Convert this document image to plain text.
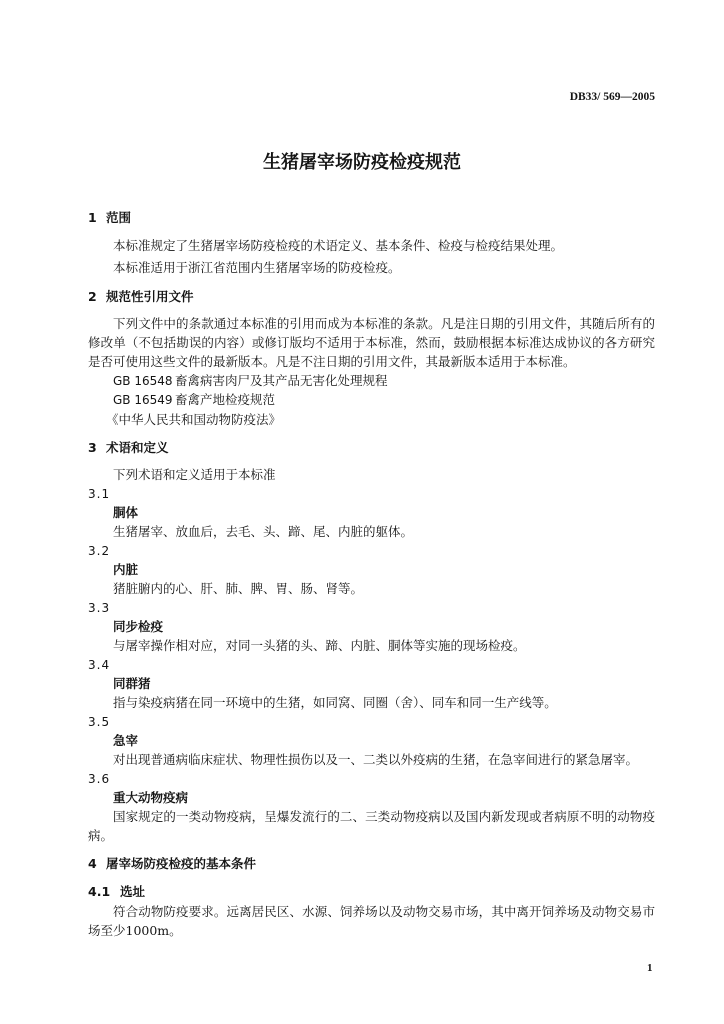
DB33/ 569—2005
生猪屠宰场防疫检疫规范
1 范围
本标准规定了生猪屠宰场防疫检疫的术语定义、基本条件、检疫与检疫结果处理。
本标准适用于浙江省范围内生猪屠宰场的防疫检疫。
2 规范性引用文件
下列文件中的条款通过本标准的引用而成为本标准的条款。凡是注日期的引用文件，其随后所有的
修改单（不包括勘误的内容）或修订版均不适用于本标准，然而，鼓励根据本标准达成协议的各方研究
是否可使用这些文件的最新版本。凡是不注日期的引用文件，其最新版本适用于本标准。
GB 16548 畜禽病害肉尸及其产品无害化处理规程
GB 16549 畜禽产地检疫规范
《中华人民共和国动物防疫法》
3 术语和定义
下列术语和定义适用于本标准
3.1
胴体
生猪屠宰、放血后，去毛、头、蹄、尾、内脏的躯体。
3.2
内脏
猪脏腑内的心、肝、肺、脾、胃、肠、肾等。
3.3
同步检疫
与屠宰操作相对应，对同一头猪的头、蹄、内脏、胴体等实施的现场检疫。
3.4
同群猪
指与染疫病猪在同一环境中的生猪，如同窝、同圈（舍）、同车和同一生产线等。
3.5
急宰
对出现普通病临床症状、物理性损伤以及一、二类以外疫病的生猪，在急宰间进行的紧急屠宰。
3.6
重大动物疫病
国家规定的一类动物疫病，呈爆发流行的二、三类动物疫病以及国内新发现或者病原不明的动物疫
病。
4 屠宰场防疫检疫的基本条件
4.1 选址
符合动物防疫要求。远离居民区、水源、饲养场以及动物交易市场，其中离开饲养场及动物交易市
场至少1000m。
1
